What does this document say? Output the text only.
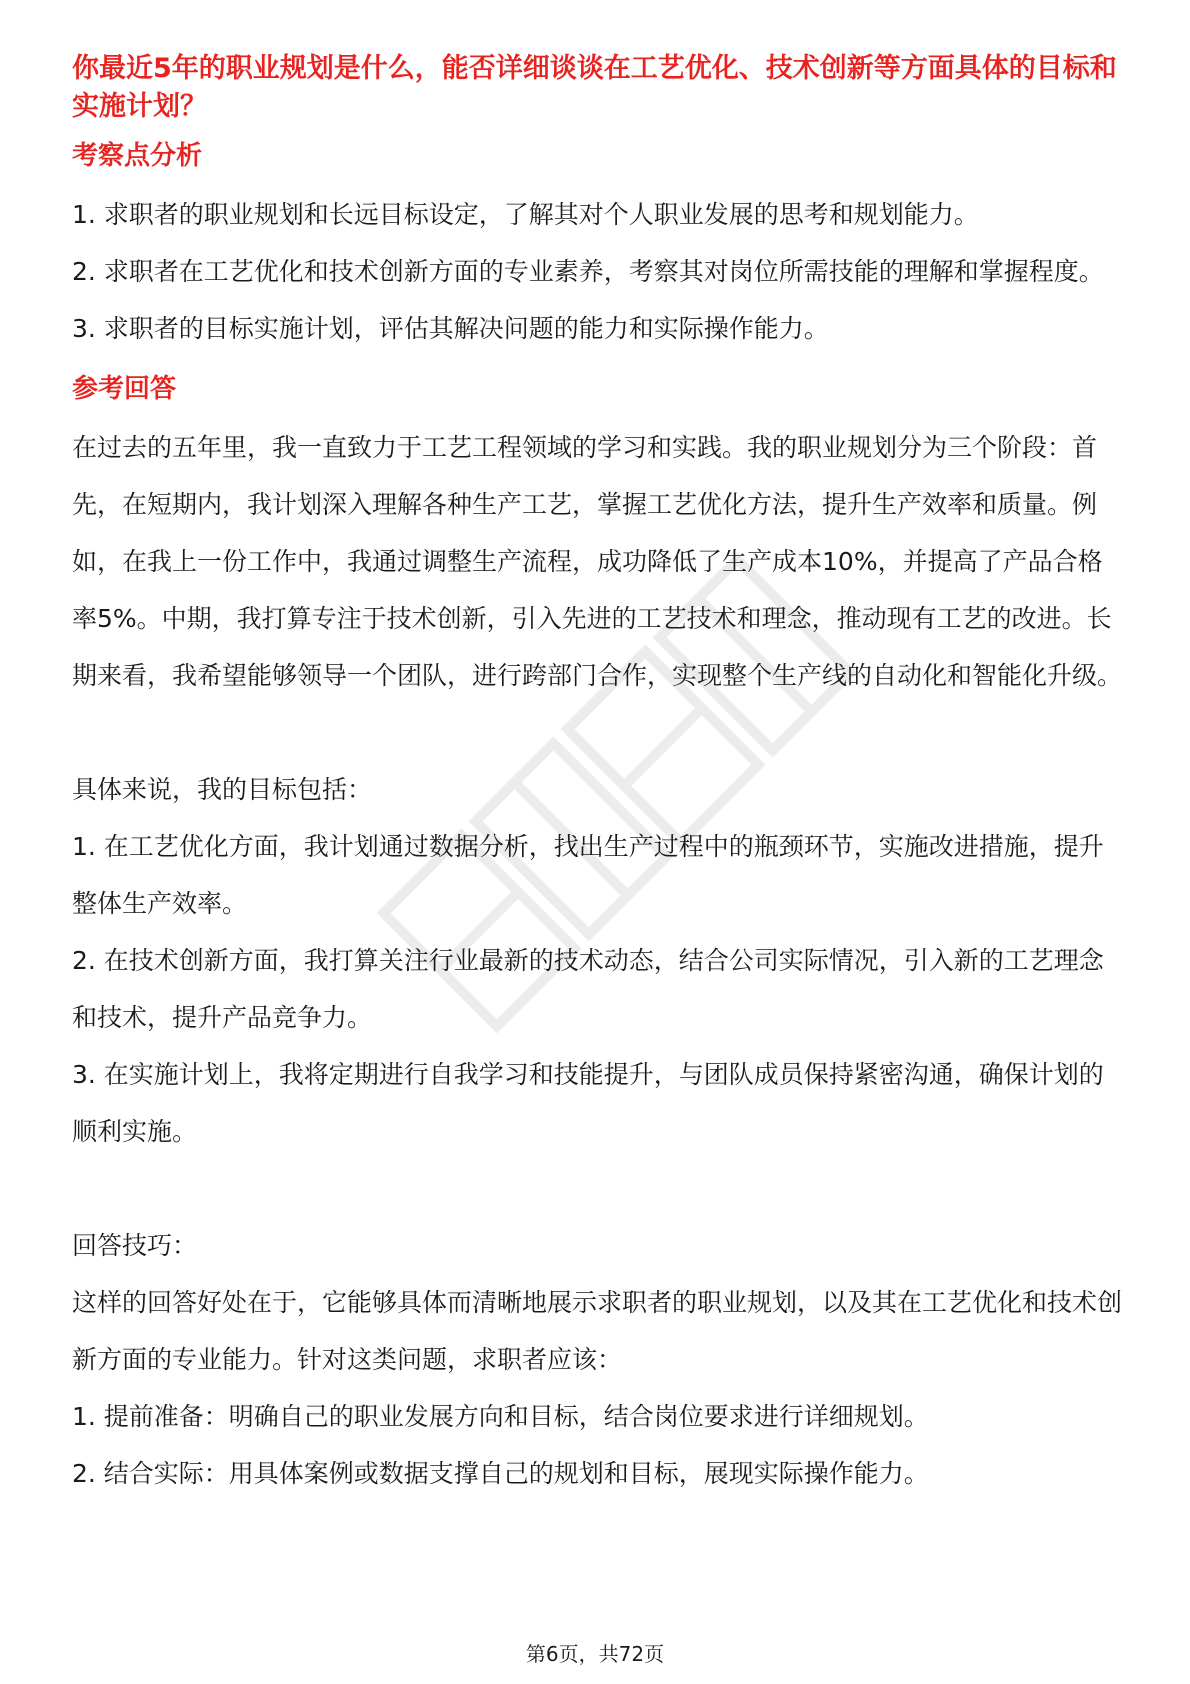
你最近5年的职业规划是什么，能否详细谈谈在工艺优化、技术创新等方面具体的目标和实施计划？

考察点分析

1. 求职者的职业规划和长远目标设定，了解其对个人职业发展的思考和规划能力。

2. 求职者在工艺优化和技术创新方面的专业素养，考察其对岗位所需技能的理解和掌握程度。

3. 求职者的目标实施计划，评估其解决问题的能力和实际操作能力。

参考回答

在过去的五年里，我一直致力于工艺工程领域的学习和实践。我的职业规划分为三个阶段：首先，在短期内，我计划深入理解各种生产工艺，掌握工艺优化方法，提升生产效率和质量。例如，在我上一份工作中，我通过调整生产流程，成功降低了生产成本10%，并提高了产品合格率5%。中期，我打算专注于技术创新，引入先进的工艺技术和理念，推动现有工艺的改进。长期来看，我希望能够领导一个团队，进行跨部门合作，实现整个生产线的自动化和智能化升级。

具体来说，我的目标包括：

1. 在工艺优化方面，我计划通过数据分析，找出生产过程中的瓶颈环节，实施改进措施，提升整体生产效率。

2. 在技术创新方面，我打算关注行业最新的技术动态，结合公司实际情况，引入新的工艺理念和技术，提升产品竞争力。

3. 在实施计划上，我将定期进行自我学习和技能提升，与团队成员保持紧密沟通，确保计划的顺利实施。

回答技巧：

这样的回答好处在于，它能够具体而清晰地展示求职者的职业规划，以及其在工艺优化和技术创新方面的专业能力。针对这类问题，求职者应该：

1. 提前准备：明确自己的职业发展方向和目标，结合岗位要求进行详细规划。

2. 结合实际：用具体案例或数据支撑自己的规划和目标，展现实际操作能力。

第6页，共72页
